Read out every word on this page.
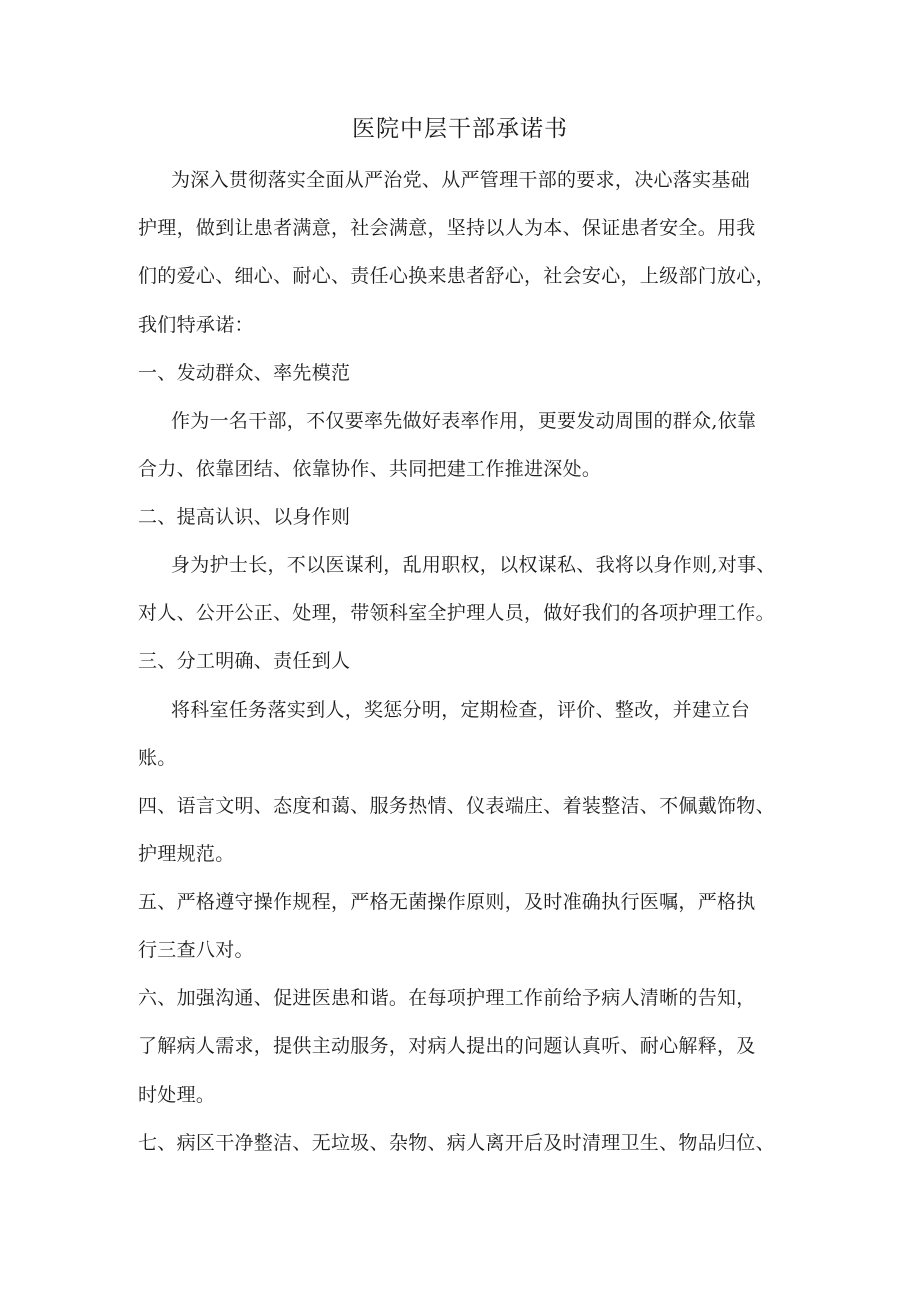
医院中层干部承诺书

为深入贯彻落实全面从严治党、从严管理干部的要求，决心落实基础

护理，做到让患者满意，社会满意，坚持以人为本、保证患者安全。用我

们的爱心、细心、耐心、责任心换来患者舒心，社会安心，上级部门放心，

我们特承诺：

一、发动群众、率先模范

作为一名干部，不仅要率先做好表率作用，更要发动周围的群众,依靠

合力、依靠团结、依靠协作、共同把建工作推进深处。

二、提高认识、以身作则

身为护士长，不以医谋利，乱用职权，以权谋私、我将以身作则,对事、

对人、公开公正、处理，带领科室全护理人员，做好我们的各项护理工作。

三、分工明确、责任到人

将科室任务落实到人，奖惩分明，定期检查，评价、整改，并建立台

账。

四、语言文明、态度和蔼、服务热情、仪表端庄、着装整洁、不佩戴饰物、

护理规范。

五、严格遵守操作规程，严格无菌操作原则，及时准确执行医嘱，严格执

行三查八对。

六、加强沟通、促进医患和谐。在每项护理工作前给予病人清晰的告知，

了解病人需求，提供主动服务，对病人提出的问题认真听、耐心解释，及

时处理。

七、病区干净整洁、无垃圾、杂物、病人离开后及时清理卫生、物品归位、
